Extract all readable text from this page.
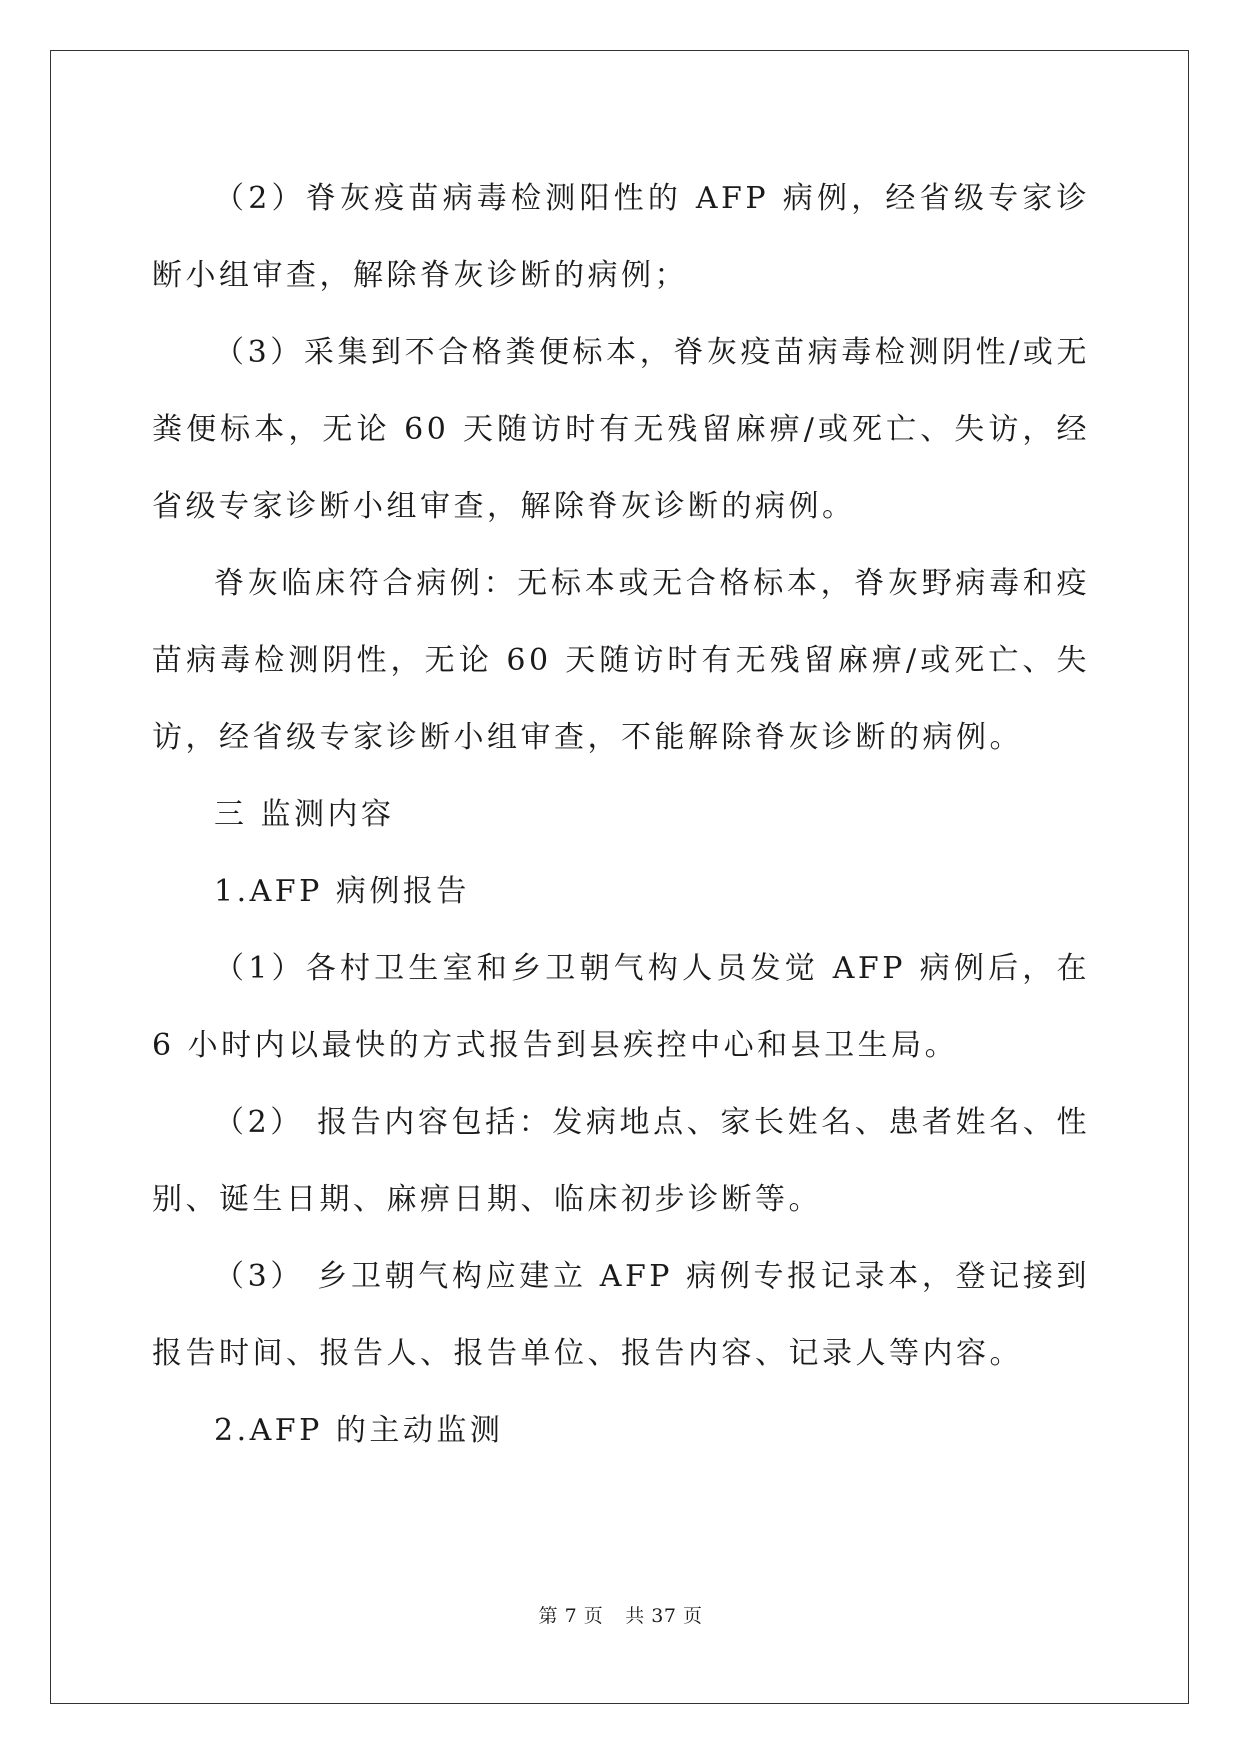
（2）脊灰疫苗病毒检测阳性的 AFP 病例，经省级专家诊断小组审查，解除脊灰诊断的病例；

（3）采集到不合格粪便标本，脊灰疫苗病毒检测阴性/或无粪便标本，无论 60 天随访时有无残留麻痹/或死亡、失访，经省级专家诊断小组审查，解除脊灰诊断的病例。

脊灰临床符合病例：无标本或无合格标本，脊灰野病毒和疫苗病毒检测阴性，无论 60 天随访时有无残留麻痹/或死亡、失访，经省级专家诊断小组审查，不能解除脊灰诊断的病例。

三 监测内容

1.AFP 病例报告

（1）各村卫生室和乡卫朝气构人员发觉 AFP 病例后，在 6 小时内以最快的方式报告到县疾控中心和县卫生局。

（2） 报告内容包括：发病地点、家长姓名、患者姓名、性别、诞生日期、麻痹日期、临床初步诊断等。

（3） 乡卫朝气构应建立 AFP 病例专报记录本，登记接到报告时间、报告人、报告单位、报告内容、记录人等内容。

2.AFP 的主动监测

第 7 页 共 37 页
